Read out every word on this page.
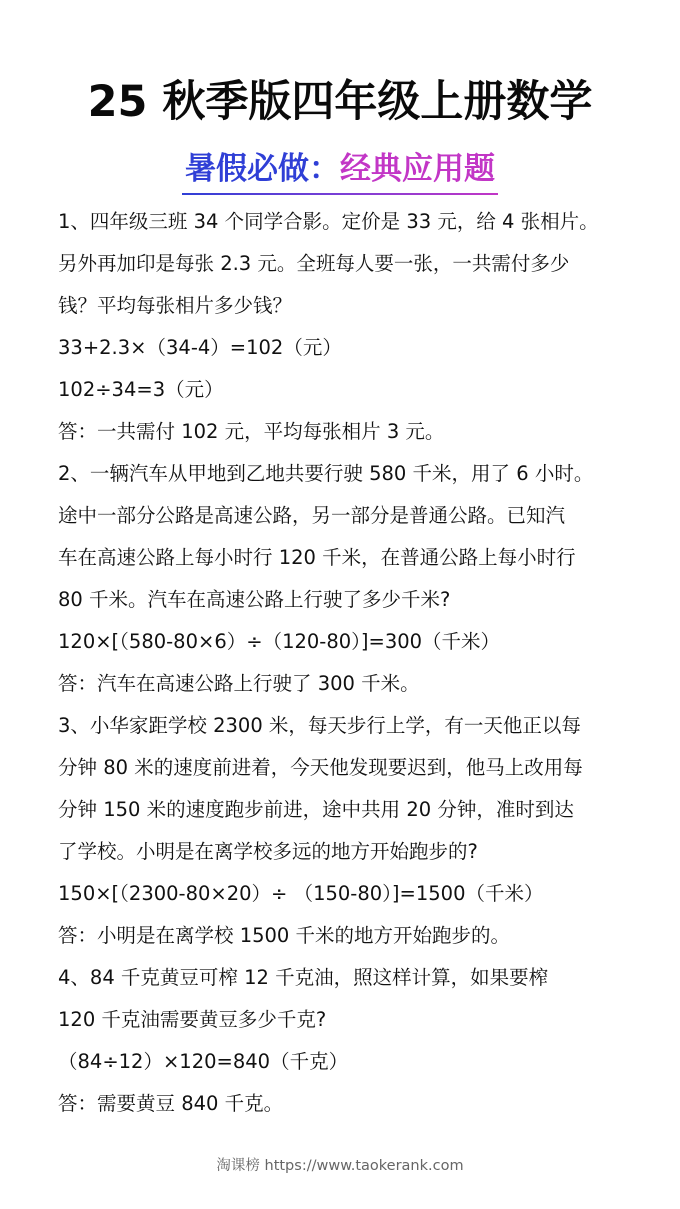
25 秋季版四年级上册数学
暑假必做：经典应用题
1、四年级三班 34 个同学合影。定价是 33 元，给 4 张相片。
另外再加印是每张 2.3 元。全班每人要一张，一共需付多少
钱？平均每张相片多少钱？
33+2.3×（34-4）=102（元）
102÷34=3（元）
答：一共需付 102 元，平均每张相片 3 元。
2、一辆汽车从甲地到乙地共要行驶 580 千米，用了 6 小时。
途中一部分公路是高速公路，另一部分是普通公路。已知汽
车在高速公路上每小时行 120 千米，在普通公路上每小时行
80 千米。汽车在高速公路上行驶了多少千米?
120×[（580-80×6）÷（120-80）]=300（千米）
答：汽车在高速公路上行驶了 300 千米。
3、小华家距学校 2300 米，每天步行上学，有一天他正以每
分钟 80 米的速度前进着，今天他发现要迟到，他马上改用每
分钟 150 米的速度跑步前进，途中共用 20 分钟，准时到达
了学校。小明是在离学校多远的地方开始跑步的?
150×[（2300-80×20）÷ （150-80）]=1500（千米）
答：小明是在离学校 1500 千米的地方开始跑步的。
4、84 千克黄豆可榨 12 千克油，照这样计算，如果要榨
120 千克油需要黄豆多少千克?
（84÷12）×120=840（千克）
答：需要黄豆 840 千克。
淘课榜 https://www.taokerank.com
